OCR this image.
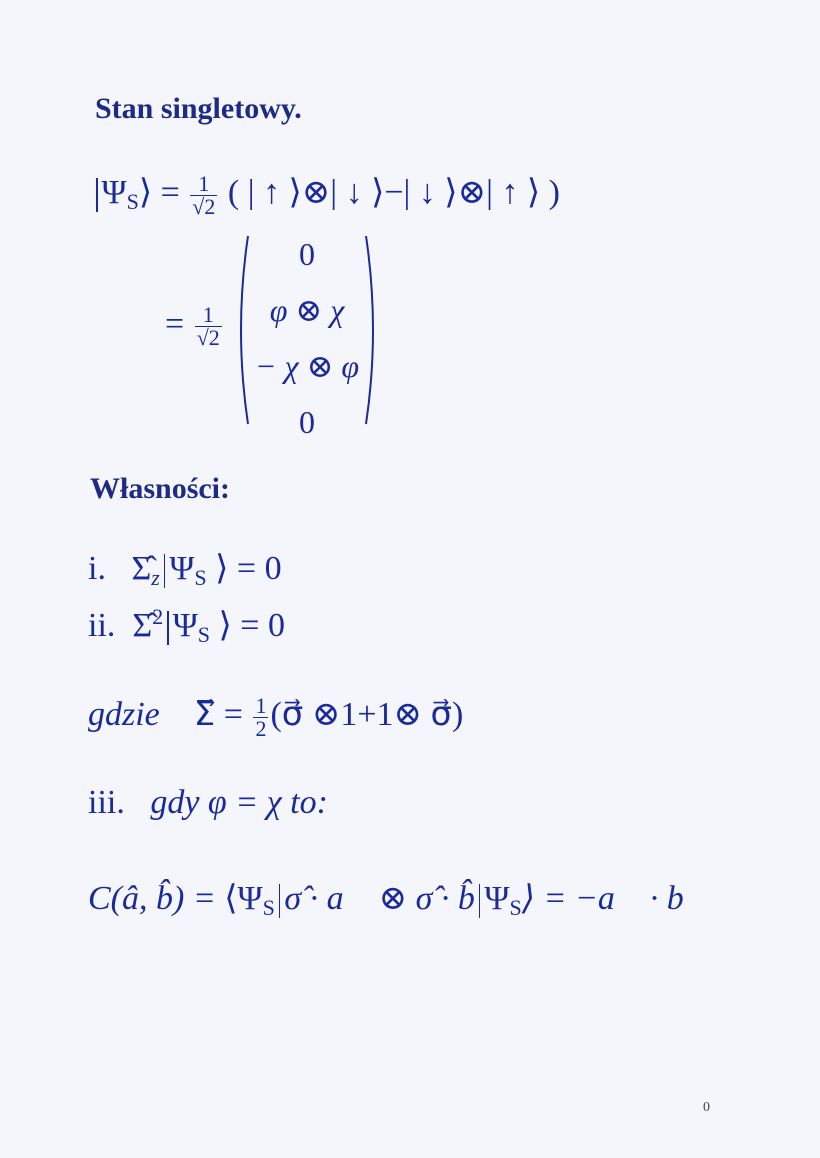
Stan singletowy.
$\Psi_S⟩ = \frac{1}{√2}$ ( | ↑ ⟩⊗| ↓ ⟩−| ↓ ⟩⊗| ↑ ⟩ )
= $\frac{1}{√2}$
0
φ ⊗ χ
− χ ⊗ φ
0
Własności:
i. $\Sigmâ_z$ $\Psi_S$ ⟩ = 0
ii. Σ̂$^2$ $\Psi_S$ ⟩ = 0
gdzie Σ⃗ = $\frac{1}{2}$ (σ⃗ ⊗1+1⊗ σ⃗)
iii. gdy φ = χ to:
C(â, b̂) = $⟨\Psi_S$ σ̂ · a⃗ ⊗ σ̂ · b̂ $\Psi_S⟩$ = −a⃗ · b⃗
0
